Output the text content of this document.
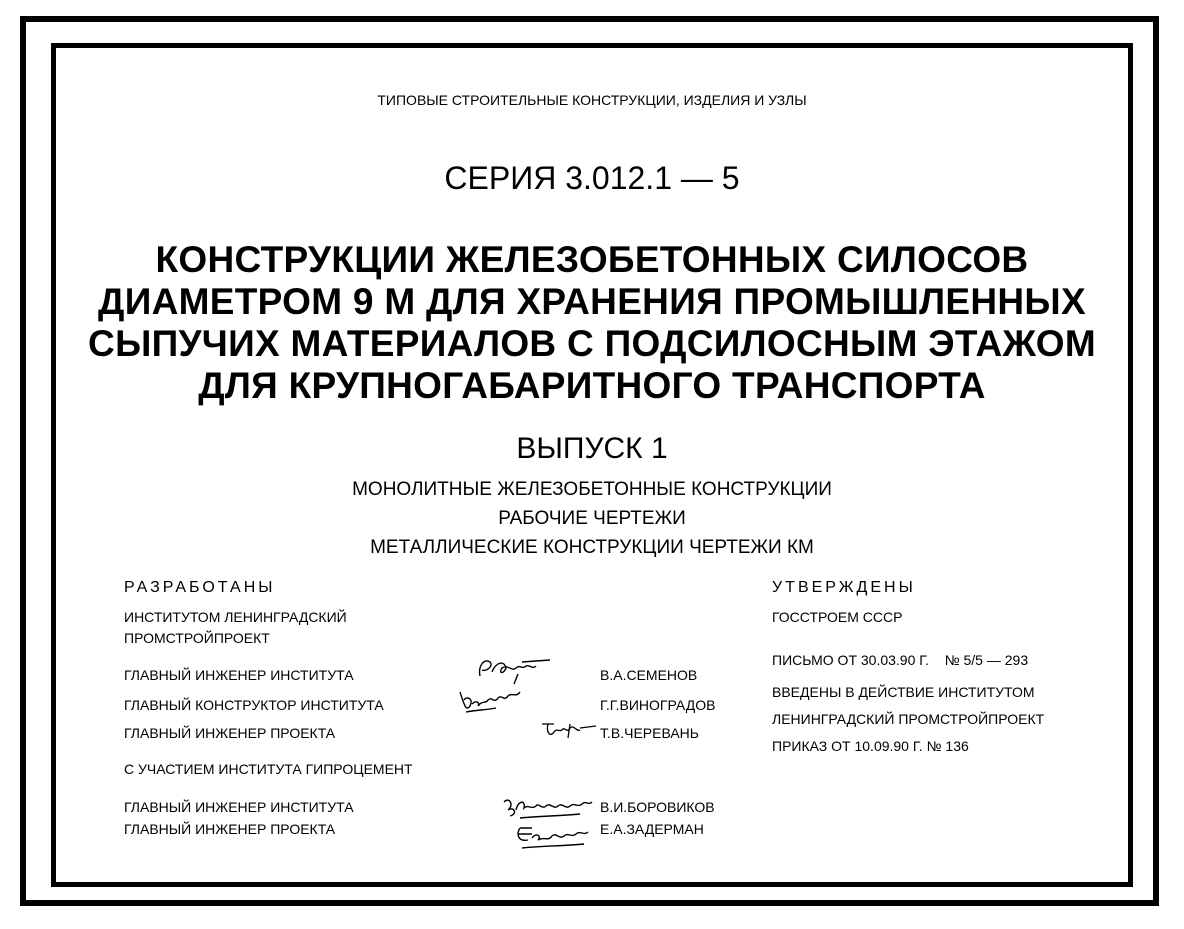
ТИПОВЫЕ СТРОИТЕЛЬНЫЕ КОНСТРУКЦИИ, ИЗДЕЛИЯ И УЗЛЫ
СЕРИЯ 3.012.1 — 5
КОНСТРУКЦИИ ЖЕЛЕЗОБЕТОННЫХ СИЛОСОВ
ДИАМЕТРОМ 9 М ДЛЯ ХРАНЕНИЯ ПРОМЫШЛЕННЫХ
СЫПУЧИХ МАТЕРИАЛОВ С ПОДСИЛОСНЫМ ЭТАЖОМ
ДЛЯ КРУПНОГАБАРИТНОГО ТРАНСПОРТА
ВЫПУСК 1
МОНОЛИТНЫЕ ЖЕЛЕЗОБЕТОННЫЕ КОНСТРУКЦИИ
РАБОЧИЕ ЧЕРТЕЖИ
МЕТАЛЛИЧЕСКИЕ КОНСТРУКЦИИ ЧЕРТЕЖИ КМ
РАЗРАБОТАНЫ
ИНСТИТУТОМ ЛЕНИНГРАДСКИЙ
ПРОМСТРОЙПРОЕКТ
ГЛАВНЫЙ ИНЖЕНЕР ИНСТИТУТА	В.А.СЕМЕНОВ
ГЛАВНЫЙ КОНСТРУКТОР ИНСТИТУТА	Г.Г.ВИНОГРАДОВ
ГЛАВНЫЙ ИНЖЕНЕР ПРОЕКТА	Т.В.ЧЕРЕВАНЬ
С УЧАСТИЕМ ИНСТИТУТА ГИПРОЦЕМЕНТ
ГЛАВНЫЙ ИНЖЕНЕР ИНСТИТУТА	В.И.БОРОВИКОВ
ГЛАВНЫЙ ИНЖЕНЕР ПРОЕКТА	Е.А.ЗАДЕРМАН
УТВЕРЖДЕНЫ
ГОССТРОЕМ СССР
ПИСЬМО ОТ 30.03.90 Г.    № 5/5 — 293
ВВЕДЕНЫ В ДЕЙСТВИЕ ИНСТИТУТОМ
ЛЕНИНГРАДСКИЙ ПРОМСТРОЙПРОЕКТ
ПРИКАЗ ОТ 10.09.90 Г. № 136
